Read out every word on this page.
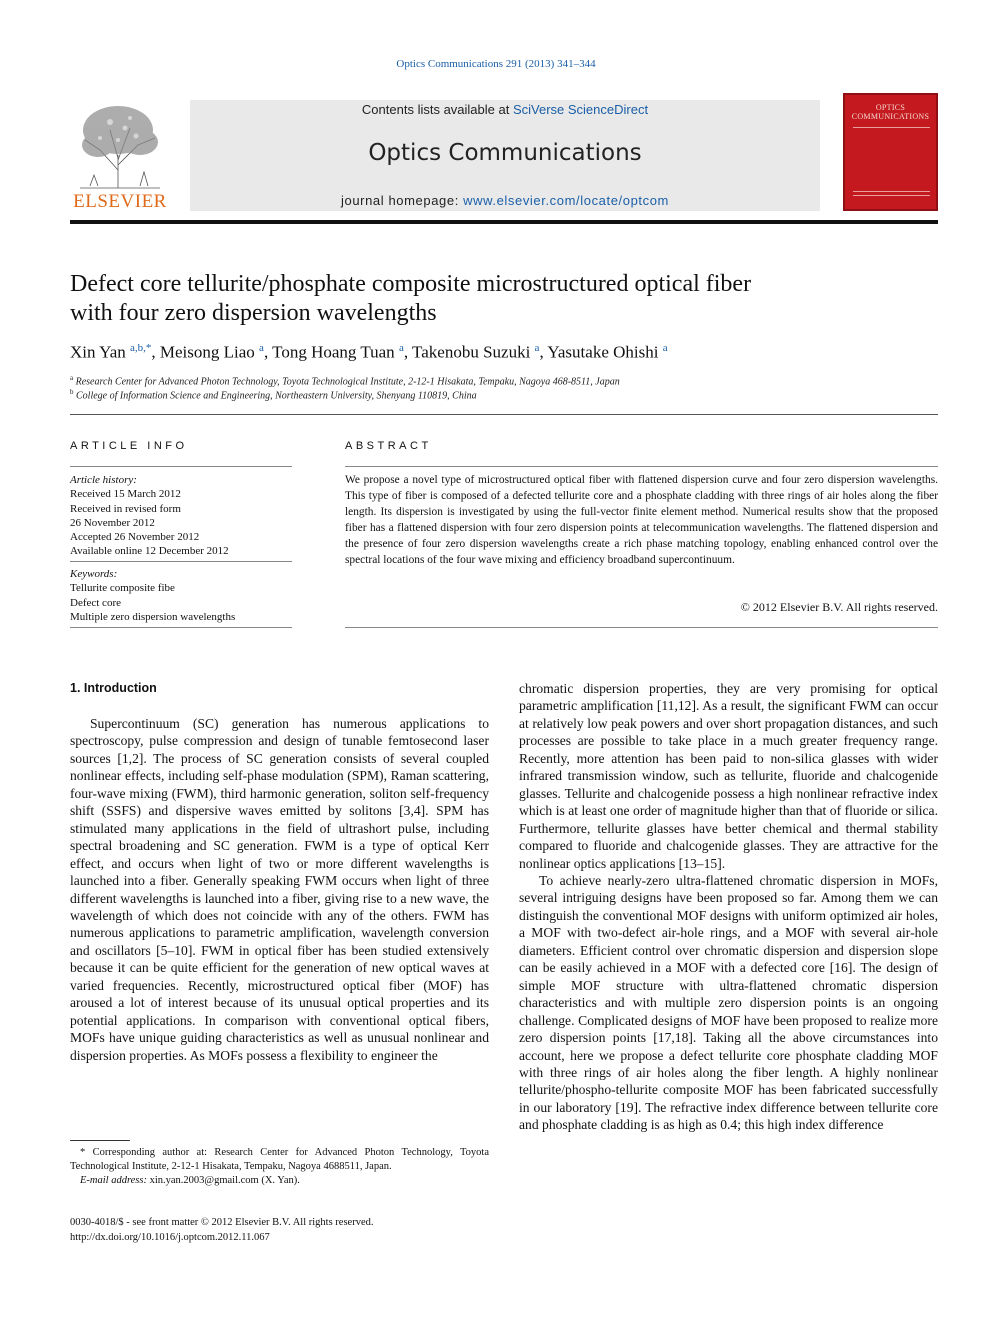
Optics Communications 291 (2013) 341–344
ELSEVIER
Contents lists available at SciVerse ScienceDirect
Optics Communications
journal homepage: www.elsevier.com/locate/optcom
OPTICS
COMMUNICATIONS
Defect core tellurite/phosphate composite microstructured optical fiber
with four zero dispersion wavelengths
Xin Yan $^{a,b,*}$, Meisong Liao $^a$, Tong Hoang Tuan $^a$, Takenobu Suzuki $^a$, Yasutake Ohishi $^a$
$^a$ Research Center for Advanced Photon Technology, Toyota Technological Institute, 2-12-1 Hisakata, Tempaku, Nagoya 468-8511, Japan
$^b$ College of Information Science and Engineering, Northeastern University, Shenyang 110819, China
ARTICLE INFO
Article history:
Received 15 March 2012
Received in revised form
26 November 2012
Accepted 26 November 2012
Available online 12 December 2012
Keywords:
Tellurite composite fibe
Defect core
Multiple zero dispersion wavelengths
ABSTRACT
We propose a novel type of microstructured optical fiber with flattened dispersion curve and four zero dispersion wavelengths. This type of fiber is composed of a defected tellurite core and a phosphate cladding with three rings of air holes along the fiber length. Its dispersion is investigated by using the full-vector finite element method. Numerical results show that the proposed fiber has a flattened dispersion with four zero dispersion points at telecommunication wavelengths. The flattened dispersion and the presence of four zero dispersion wavelengths create a rich phase matching topology, enabling enhanced control over the spectral locations of the four wave mixing and efficiency broadband supercontinuum.
© 2012 Elsevier B.V. All rights reserved.
1. Introduction

Supercontinuum (SC) generation has numerous applications to spectroscopy, pulse compression and design of tunable femtosecond laser sources [1,2]. The process of SC generation consists of several coupled nonlinear effects, including self-phase modulation (SPM), Raman scattering, four-wave mixing (FWM), third harmonic generation, soliton self-frequency shift (SSFS) and dispersive waves emitted by solitons [3,4]. SPM has stimulated many applications in the field of ultrashort pulse, including spectral broadening and SC generation. FWM is a type of optical Kerr effect, and occurs when light of two or more different wavelengths is launched into a fiber. Generally speaking FWM occurs when light of three different wavelengths is launched into a fiber, giving rise to a new wave, the wavelength of which does not coincide with any of the others. FWM has numerous applications to parametric amplification, wavelength conversion and oscillators [5–10]. FWM in optical fiber has been studied extensively because it can be quite efficient for the generation of new optical waves at varied frequencies. Recently, microstructured optical fiber (MOF) has aroused a lot of interest because of its unusual optical properties and its potential applications. In comparison with conventional optical fibers, MOFs have unique guiding characteristics as well as unusual nonlinear and dispersion properties. As MOFs possess a flexibility to engineer the

chromatic dispersion properties, they are very promising for optical parametric amplification [11,12]. As a result, the significant FWM can occur at relatively low peak powers and over short propagation distances, and such processes are possible to take place in a much greater frequency range. Recently, more attention has been paid to non-silica glasses with wider infrared transmission window, such as tellurite, fluoride and chalcogenide glasses. Tellurite and chalcogenide possess a high nonlinear refractive index which is at least one order of magnitude higher than that of fluoride or silica. Furthermore, tellurite glasses have better chemical and thermal stability compared to fluoride and chalcogenide glasses. They are attractive for the nonlinear optics applications [13–15].

To achieve nearly-zero ultra-flattened chromatic dispersion in MOFs, several intriguing designs have been proposed so far. Among them we can distinguish the conventional MOF designs with uniform optimized air holes, a MOF with two-defect air-hole rings, and a MOF with several air-hole diameters. Efficient control over chromatic dispersion and dispersion slope can be easily achieved in a MOF with a defected core [16]. The design of simple MOF structure with ultra-flattened chromatic dispersion characteristics and with multiple zero dispersion points is an ongoing challenge. Complicated designs of MOF have been proposed to realize more zero dispersion points [17,18]. Taking all the above circumstances into account, here we propose a defect tellurite core phosphate cladding MOF with three rings of air holes along the fiber length. A highly nonlinear tellurite/phospho-tellurite composite MOF has been fabricated successfully in our laboratory [19]. The refractive index difference between tellurite core and phosphate cladding is as high as 0.4; this high index difference

* Corresponding author at: Research Center for Advanced Photon Technology, Toyota Technological Institute, 2-12-1 Hisakata, Tempaku, Nagoya 4688511, Japan.

E-mail address: xin.yan.2003@gmail.com (X. Yan).

0030-4018/$ - see front matter © 2012 Elsevier B.V. All rights reserved.
http://dx.doi.org/10.1016/j.optcom.2012.11.067
